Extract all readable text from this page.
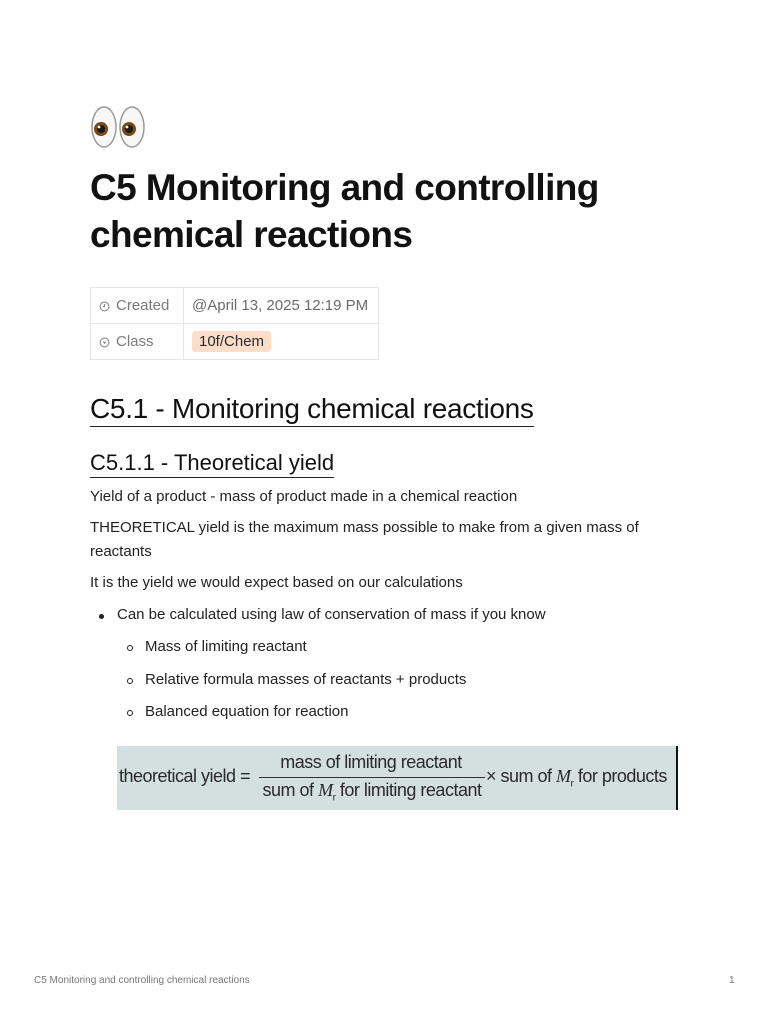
C5 Monitoring and controlling chemical reactions
Created	@April 13, 2025 12:19 PM
Class	10f/Chem
C5.1 - Monitoring chemical reactions
C5.1.1 - Theoretical yield

Yield of a product - mass of product made in a chemical reaction

THEORETICAL yield is the maximum mass possible to make from a given mass of reactants

It is the yield we would expect based on our calculations

Can be calculated using law of conservation of mass if you know
Mass of limiting reactant
Relative formula masses of reactants + products
Balanced equation for reaction
theoretical yield =
mass of limiting reactant
sum of $M_r$ for limiting reactant
× sum of $M_r$ for products
C5 Monitoring and controlling chemical reactions	1
